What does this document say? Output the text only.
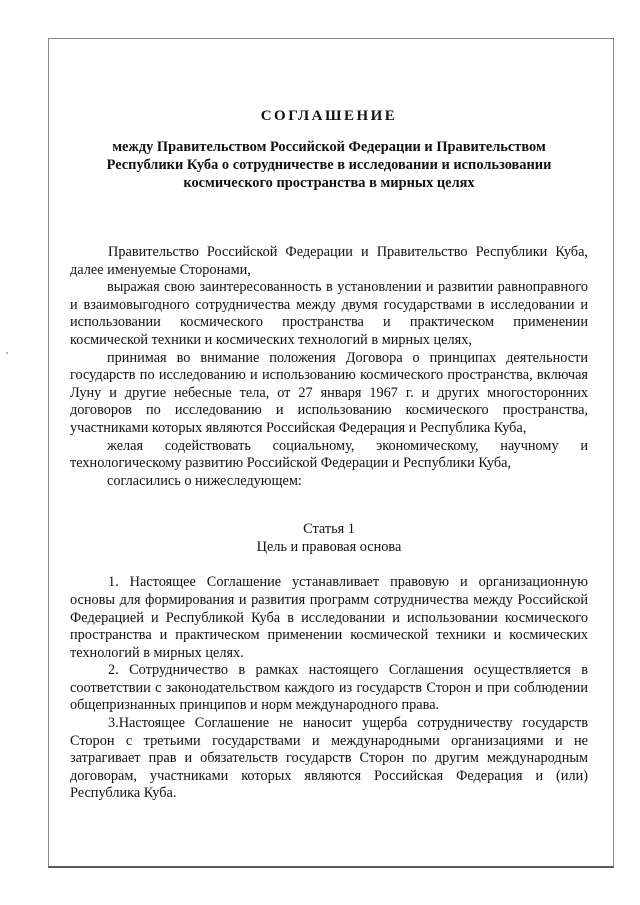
СОГЛАШЕНИЕ
между Правительством Российской Федерации и Правительством
Республики Куба о сотрудничестве в исследовании и использовании
космического пространства в мирных целях

Правительство Российской Федерации и Правительство Республики Куба, далее именуемые Сторонами,

выражая свою заинтересованность в установлении и развитии равноправного и взаимовыгодного сотрудничества между двумя государствами в исследовании и использовании космического пространства и практическом применении космической техники и космических технологий в мирных целях,

принимая во внимание положения Договора о принципах деятельности государств по исследованию и использованию космического пространства, включая Луну и другие небесные тела, от 27 января 1967 г. и других многосторонних договоров по исследованию и использованию космического пространства, участниками которых являются Российская Федерация и Республика Куба,

желая содействовать социальному, экономическому, научному и технологическому развитию Российской Федерации и Республики Куба,

согласились о нижеследующем:

Статья 1
Цель и правовая основа

1. Настоящее Соглашение устанавливает правовую и организационную основы для формирования и развития программ сотрудничества между Российской Федерацией и Республикой Куба в исследовании и использовании космического пространства и практическом применении космической техники и космических технологий в мирных целях.

2. Сотрудничество в рамках настоящего Соглашения осуществляется в соответствии с законодательством каждого из государств Сторон и при соблюдении общепризнанных принципов и норм международного права.

3.Настоящее Соглашение не наносит ущерба сотрудничеству государств Сторон с третьими государствами и международными организациями и не затрагивает прав и обязательств государств Сторон по другим международным договорам, участниками которых являются Российская Федерация и (или) Республика Куба.
